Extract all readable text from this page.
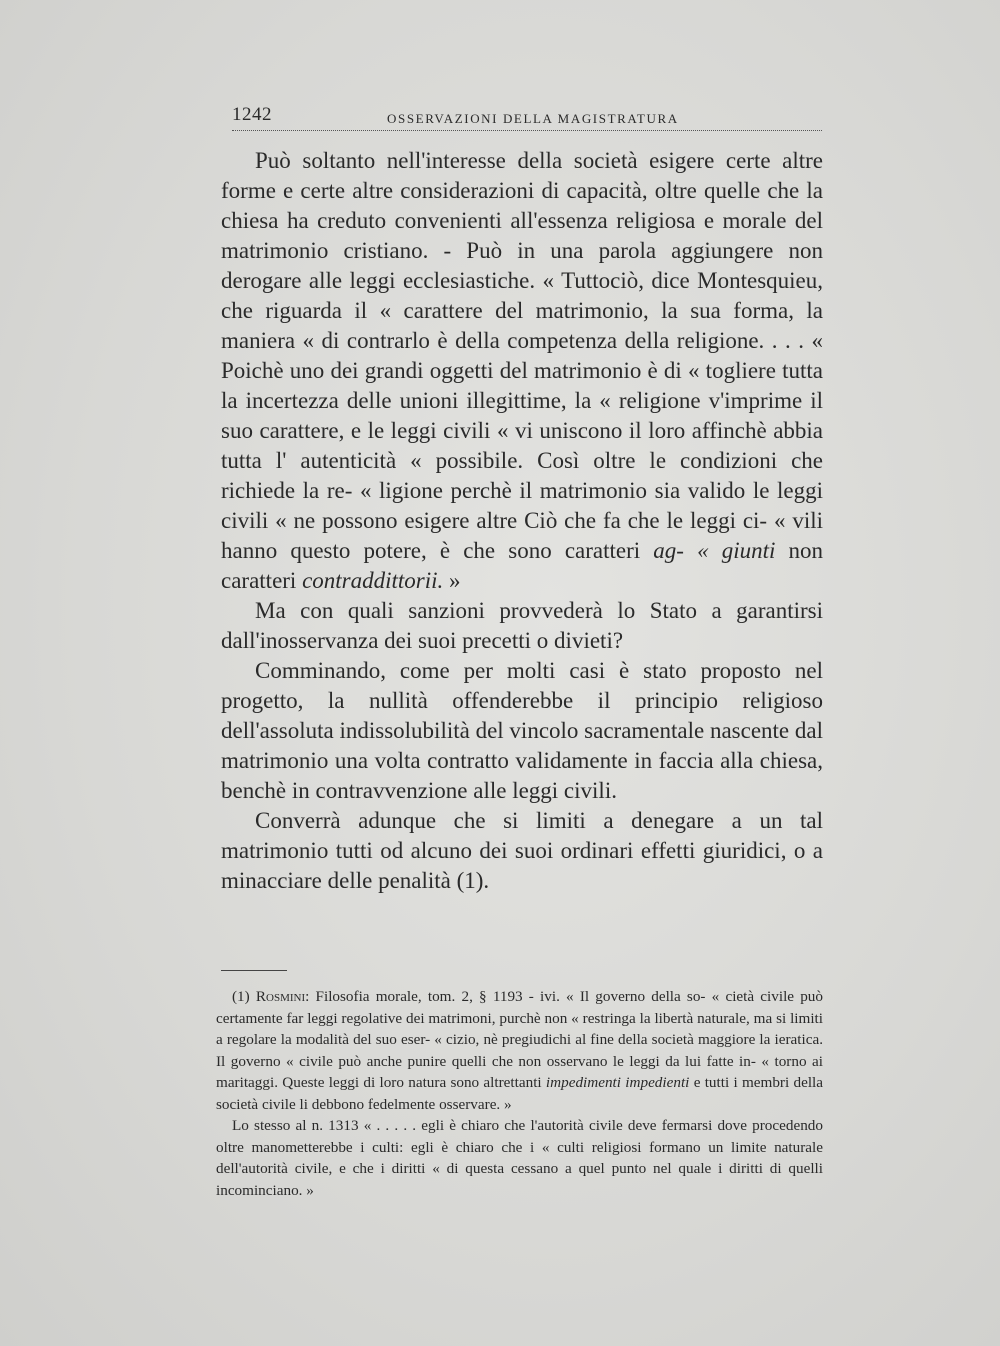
1242	OSSERVAZIONI DELLA MAGISTRATURA

Può soltanto nell'interesse della società esigere certe altre forme e certe altre considerazioni di capacità, oltre quelle che la chiesa ha creduto convenienti all'essenza religiosa e morale del matrimonio cristiano. - Può in una parola aggiungere non derogare alle leggi ecclesiastiche. « Tuttociò, dice Montesquieu, che riguarda il « carattere del matrimonio, la sua forma, la maniera « di contrarlo è della competenza della religione. . . . « Poichè uno dei grandi oggetti del matrimonio è di « togliere tutta la incertezza delle unioni illegittime, la « religione v'imprime il suo carattere, e le leggi civili « vi uniscono il loro affinchè abbia tutta l' autenticità « possibile. Così oltre le condizioni che richiede la re- « ligione perchè il matrimonio sia valido le leggi civili « ne possono esigere altre Ciò che fa che le leggi ci- « vili hanno questo potere, è che sono caratteri ag- « giunti non caratteri contraddittorii. »

Ma con quali sanzioni provvederà lo Stato a garantirsi dall'inosservanza dei suoi precetti o divieti?

Comminando, come per molti casi è stato proposto nel progetto, la nullità offenderebbe il principio religioso dell'assoluta indissolubilità del vincolo sacramentale nascente dal matrimonio una volta contratto validamente in faccia alla chiesa, benchè in contravvenzione alle leggi civili.

Converrà adunque che si limiti a denegare a un tal matrimonio tutti od alcuno dei suoi ordinari effetti giuridici, o a minacciare delle penalità (1).

(1) Rosmini: Filosofia morale, tom. 2, § 1193 - ivi. « Il governo della so- « cietà civile può certamente far leggi regolative dei matrimoni, purchè non « restringa la libertà naturale, ma si limiti a regolare la modalità del suo eser- « cizio, nè pregiudichi al fine della società maggiore la ieratica. Il governo « civile può anche punire quelli che non osservano le leggi da lui fatte in- « torno ai maritaggi. Queste leggi di loro natura sono altrettanti impedimenti impedienti e tutti i membri della società civile li debbono fedelmente osservare. »

Lo stesso al n. 1313 « . . . . . egli è chiaro che l'autorità civile deve fermarsi dove procedendo oltre manometterebbe i culti: egli è chiaro che i « culti religiosi formano un limite naturale dell'autorità civile, e che i diritti « di questa cessano a quel punto nel quale i diritti di quelli incominciano. »
